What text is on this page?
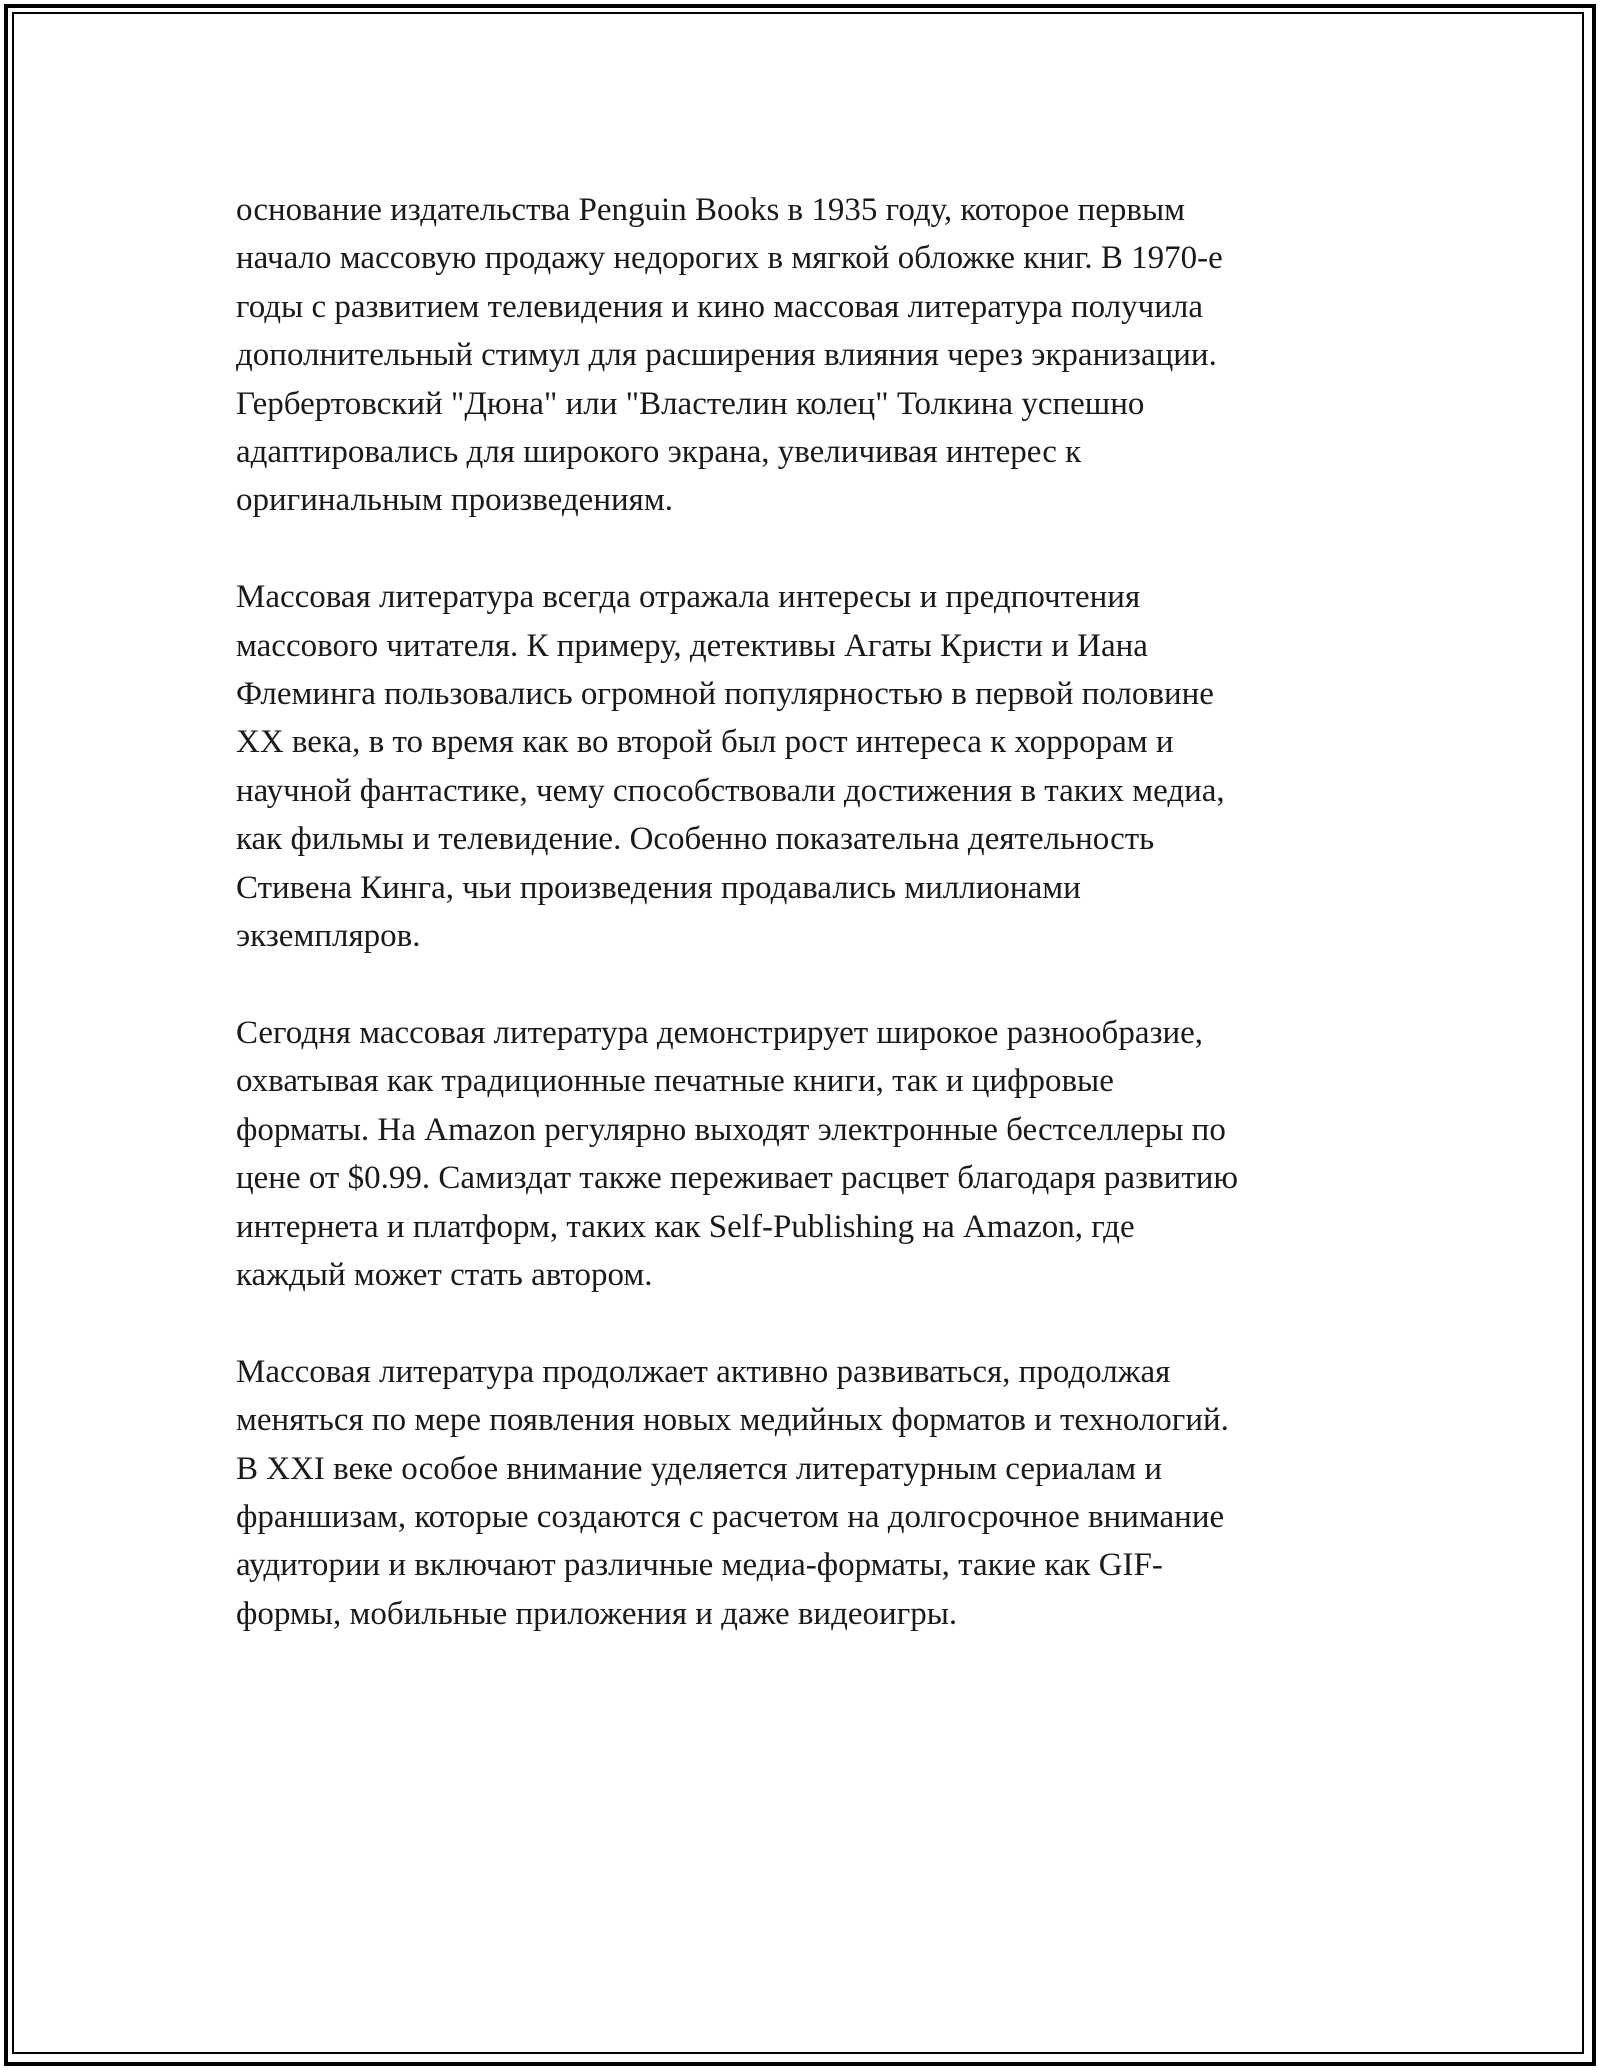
основание издательства Penguin Books в 1935 году, которое первым
начало массовую продажу недорогих в мягкой обложке книг. В 1970-е
годы с развитием телевидения и кино массовая литература получила
дополнительный стимул для расширения влияния через экранизации.
Гербертовский "Дюна" или "Властелин колец" Толкина успешно
адаптировались для широкого экрана, увеличивая интерес к
оригинальным произведениям.

Массовая литература всегда отражала интересы и предпочтения
массового читателя. К примеру, детективы Агаты Кристи и Иана
Флеминга пользовались огромной популярностью в первой половине
XX века, в то время как во второй был рост интереса к хоррорам и
научной фантастике, чему способствовали достижения в таких медиа,
как фильмы и телевидение. Особенно показательна деятельность
Стивена Кинга, чьи произведения продавались миллионами
экземпляров.

Сегодня массовая литература демонстрирует широкое разнообразие,
охватывая как традиционные печатные книги, так и цифровые
форматы. На Amazon регулярно выходят электронные бестселлеры по
цене от $0.99. Самиздат также переживает расцвет благодаря развитию
интернета и платформ, таких как Self-Publishing на Amazon, где
каждый может стать автором.

Массовая литература продолжает активно развиваться, продолжая
меняться по мере появления новых медийных форматов и технологий.
В XXI веке особое внимание уделяется литературным сериалам и
франшизам, которые создаются с расчетом на долгосрочное внимание
аудитории и включают различные медиа-форматы, такие как GIF-
формы, мобильные приложения и даже видеоигры.
